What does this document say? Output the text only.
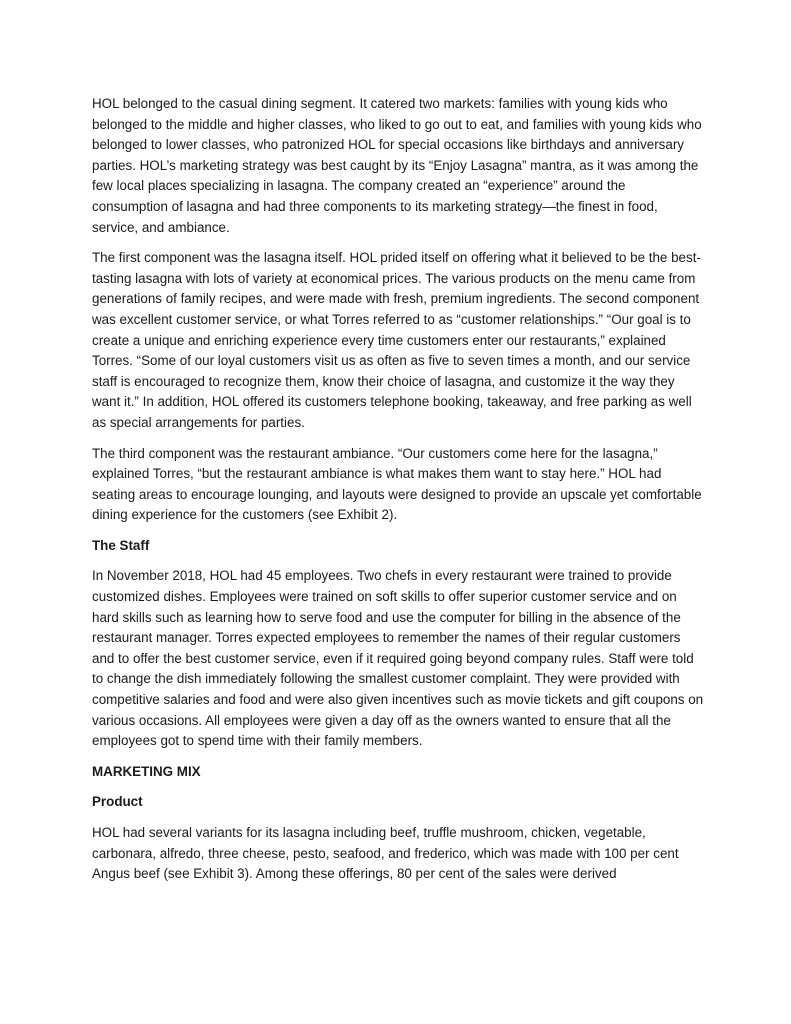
HOL belonged to the casual dining segment. It catered two markets: families with young kids who belonged to the middle and higher classes, who liked to go out to eat, and families with young kids who belonged to lower classes, who patronized HOL for special occasions like birthdays and anniversary parties. HOL’s marketing strategy was best caught by its “Enjoy Lasagna” mantra, as it was among the few local places specializing in lasagna. The company created an “experience” around the consumption of lasagna and had three components to its marketing strategy—the finest in food, service, and ambiance.

The first component was the lasagna itself. HOL prided itself on offering what it believed to be the best-tasting lasagna with lots of variety at economical prices. The various products on the menu came from generations of family recipes, and were made with fresh, premium ingredients. The second component was excellent customer service, or what Torres referred to as “customer relationships.” “Our goal is to create a unique and enriching experience every time customers enter our restaurants,” explained Torres. “Some of our loyal customers visit us as often as five to seven times a month, and our service staff is encouraged to recognize them, know their choice of lasagna, and customize it the way they want it.” In addition, HOL offered its customers telephone booking, takeaway, and free parking as well as special arrangements for parties.

The third component was the restaurant ambiance. “Our customers come here for the lasagna,” explained Torres, “but the restaurant ambiance is what makes them want to stay here.” HOL had seating areas to encourage lounging, and layouts were designed to provide an upscale yet comfortable dining experience for the customers (see Exhibit 2).

The Staff

In November 2018, HOL had 45 employees. Two chefs in every restaurant were trained to provide customized dishes. Employees were trained on soft skills to offer superior customer service and on hard skills such as learning how to serve food and use the computer for billing in the absence of the restaurant manager. Torres expected employees to remember the names of their regular customers and to offer the best customer service, even if it required going beyond company rules. Staff were told to change the dish immediately following the smallest customer complaint. They were provided with competitive salaries and food and were also given incentives such as movie tickets and gift coupons on various occasions. All employees were given a day off as the owners wanted to ensure that all the employees got to spend time with their family members.

MARKETING MIX
Product

HOL had several variants for its lasagna including beef, truffle mushroom, chicken, vegetable, carbonara, alfredo, three cheese, pesto, seafood, and frederico, which was made with 100 per cent Angus beef (see Exhibit 3). Among these offerings, 80 per cent of the sales were derived
